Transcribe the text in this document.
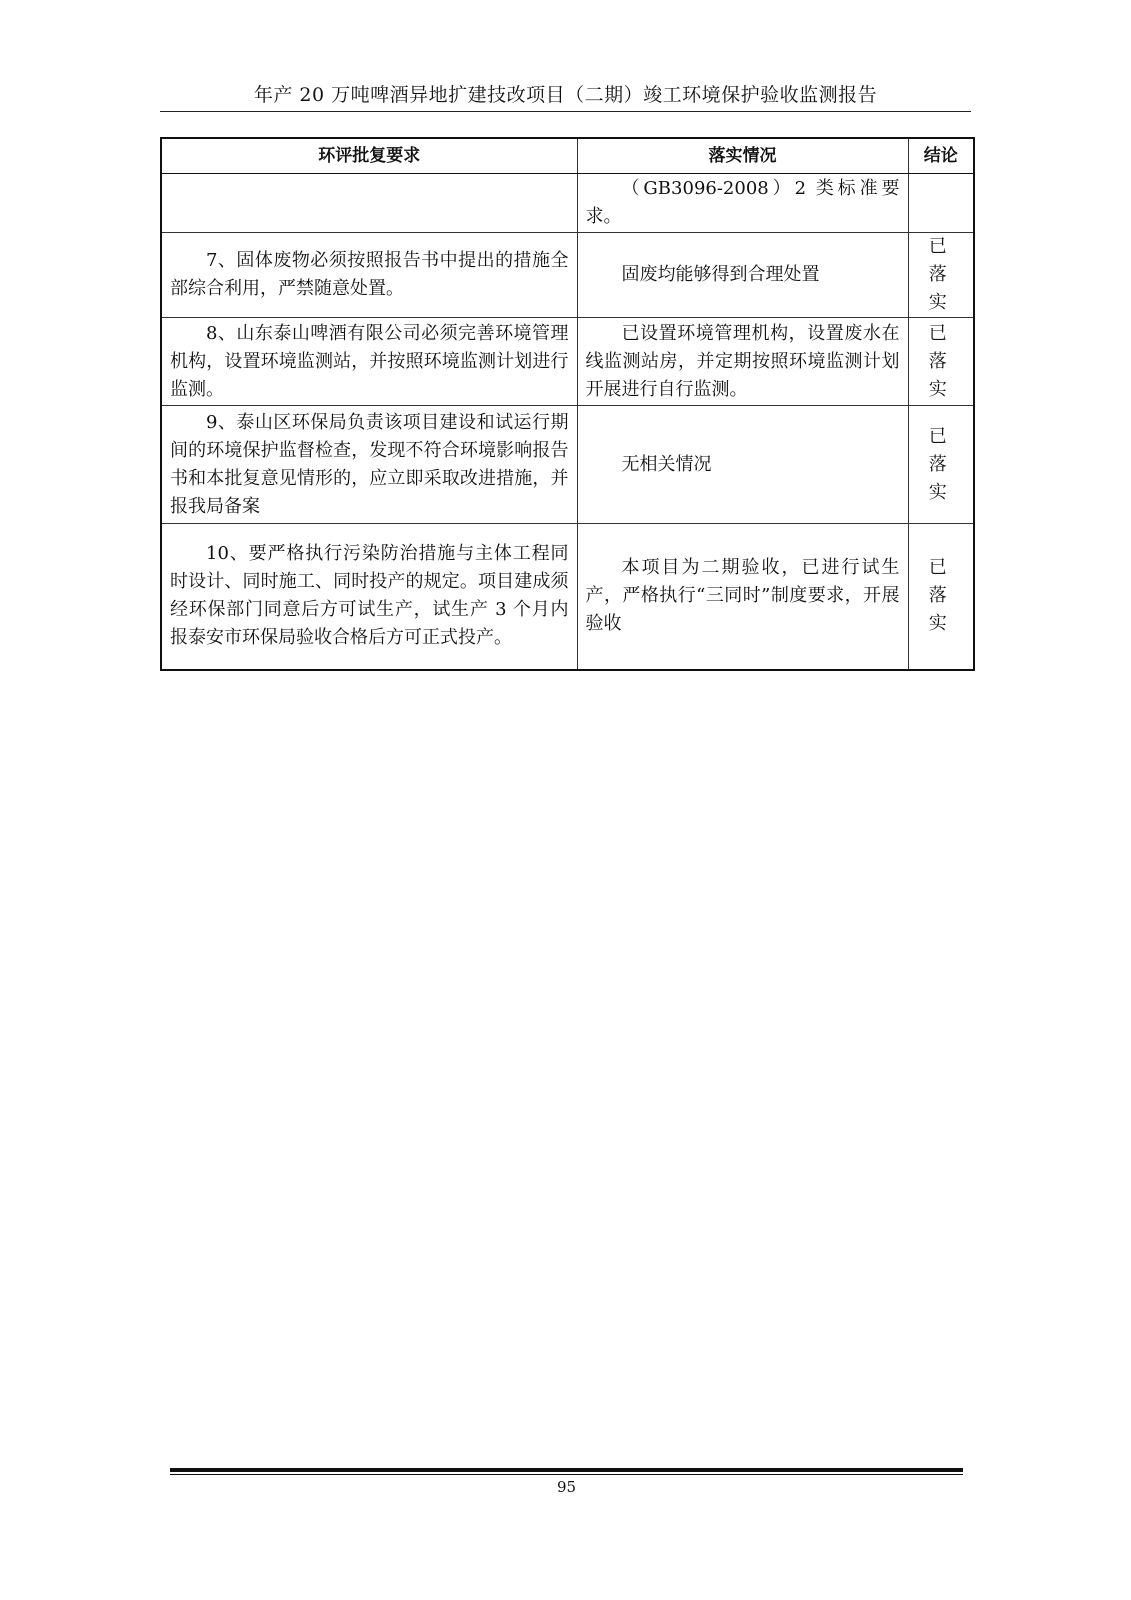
年产 20 万吨啤酒异地扩建技改项目（二期）竣工环境保护验收监测报告
环评批复要求	落实情况	结论
	（GB3096-2008）2 类标准要求。	
7、固体废物必须按照报告书中提出的措施全部综合利用，严禁随意处置。	固废均能够得到合理处置	已落实
8、山东泰山啤酒有限公司必须完善环境管理机构，设置环境监测站，并按照环境监测计划进行监测。	已设置环境管理机构，设置废水在线监测站房，并定期按照环境监测计划开展进行自行监测。	已落实
9、泰山区环保局负责该项目建设和试运行期间的环境保护监督检查，发现不符合环境影响报告书和本批复意见情形的，应立即采取改进措施，并报我局备案	无相关情况	已落实
10、要严格执行污染防治措施与主体工程同时设计、同时施工、同时投产的规定。项目建成须经环保部门同意后方可试生产，试生产 3 个月内报泰安市环保局验收合格后方可正式投产。	本项目为二期验收，已进行试生产，严格执行“三同时”制度要求，开展验收	已落实
95
